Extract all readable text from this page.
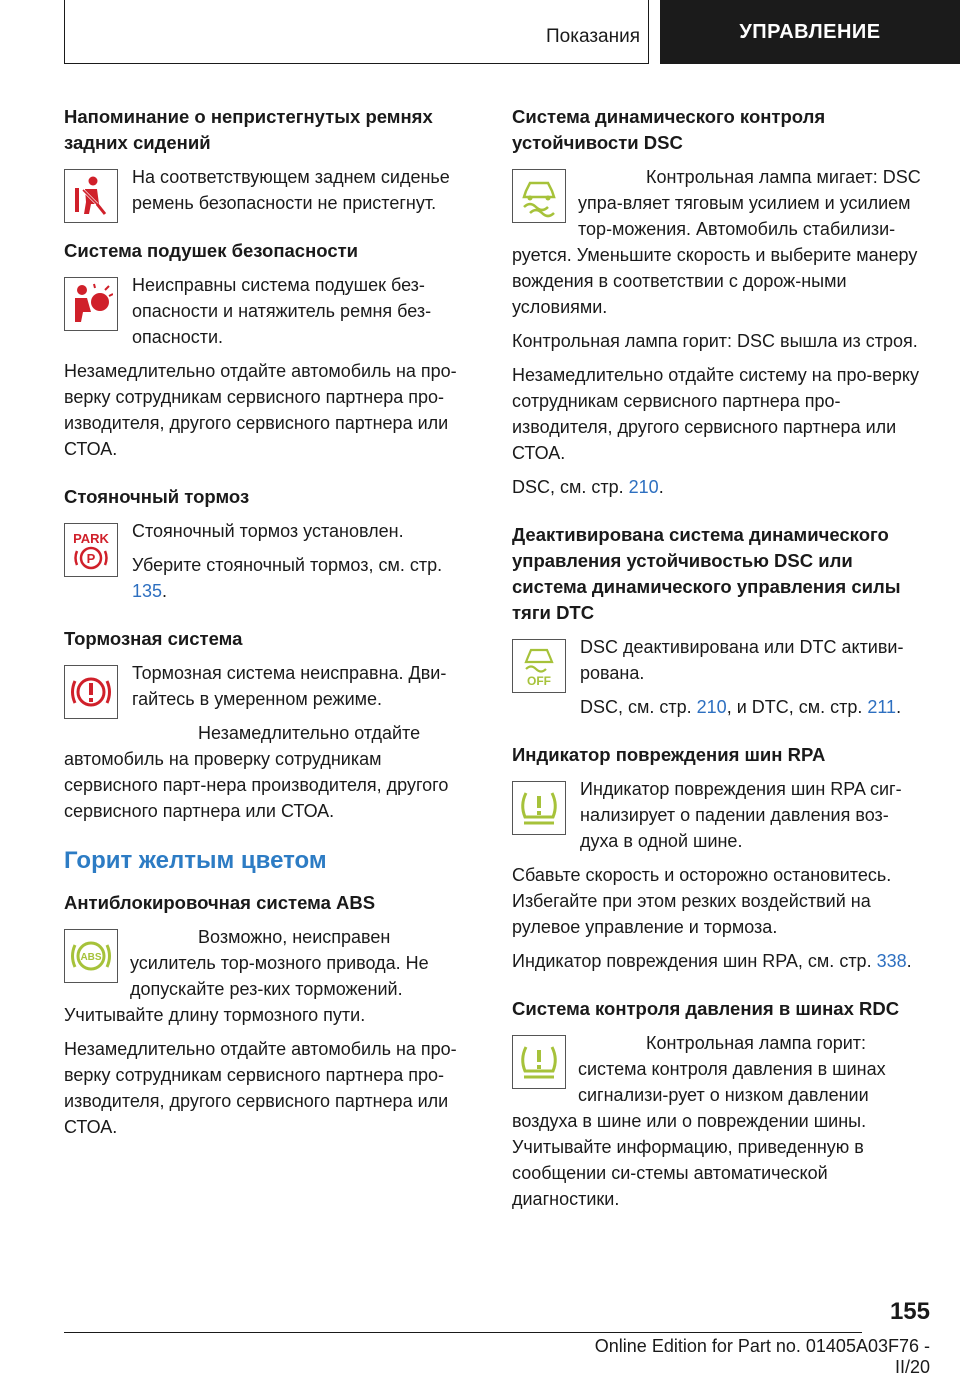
Показания	УПРАВЛЕНИЕ
Напоминание о непристегнутых ремнях задних сидений

На соответствующем заднем сиденье ремень безопасности не пристегнут.

Система подушек безопасности

Неисправны система подушек без-опасности и натяжитель ремня без-опасности.

Незамедлительно отдайте автомобиль на про-верку сотрудникам сервисного партнера про-изводителя, другого сервисного партнера или СТОА.

Стояночный тормоз
PARK
P

Стояночный тормоз установлен.

Уберите стояночный тормоз, см. стр. 135.

Тормозная система

Тормозная система неисправна. Дви-гайтесь в умеренном режиме.

Незамедлительно отдайте автомобиль на проверку сотрудникам сервисного парт-нера производителя, другого сервисного партнера или СТОА.

Горит желтым цветом
Антиблокировочная система ABS
ABS

Возможно, неисправен усилитель тор-мозного привода. Не допускайте рез-ких торможений. Учитывайте длину тормозного пути.

Незамедлительно отдайте автомобиль на про-верку сотрудникам сервисного партнера про-изводителя, другого сервисного партнера или СТОА.

Система динамического контроля устойчивости DSC

Контрольная лампа мигает: DSC упра-вляет тяговым усилием и усилием тор-можения. Автомобиль стабилизи-руется. Уменьшите скорость и выберите манеру вождения в соответствии с дорож-ными условиями.

Контрольная лампа горит: DSC вышла из строя.

Незамедлительно отдайте систему на про-верку сотрудникам сервисного партнера про-изводителя, другого сервисного партнера или СТОА.

DSC, см. стр. 210.

Деактивирована система динамического управления устойчивостью DSC или система динамического управления силы тяги DTC
OFF

DSC деактивирована или DTC активи-рована.

DSC, см. стр. 210, и DTC, см. стр. 211.

Индикатор повреждения шин RPA

Индикатор повреждения шин RPA сиг-нализирует о падении давления воз-духа в одной шине.

Сбавьте скорость и осторожно остановитесь. Избегайте при этом резких воздействий на рулевое управление и тормоза.

Индикатор повреждения шин RPA, см. стр. 338.

Система контроля давления в шинах RDC

Контрольная лампа горит: система контроля давления в шинах сигнализи-рует о низком давлении воздуха в шине или о повреждении шины. Учитывайте информацию, приведенную в сообщении си-стемы автоматической диагностики.

155
Online Edition for Part no. 01405A03F76 - II/20
